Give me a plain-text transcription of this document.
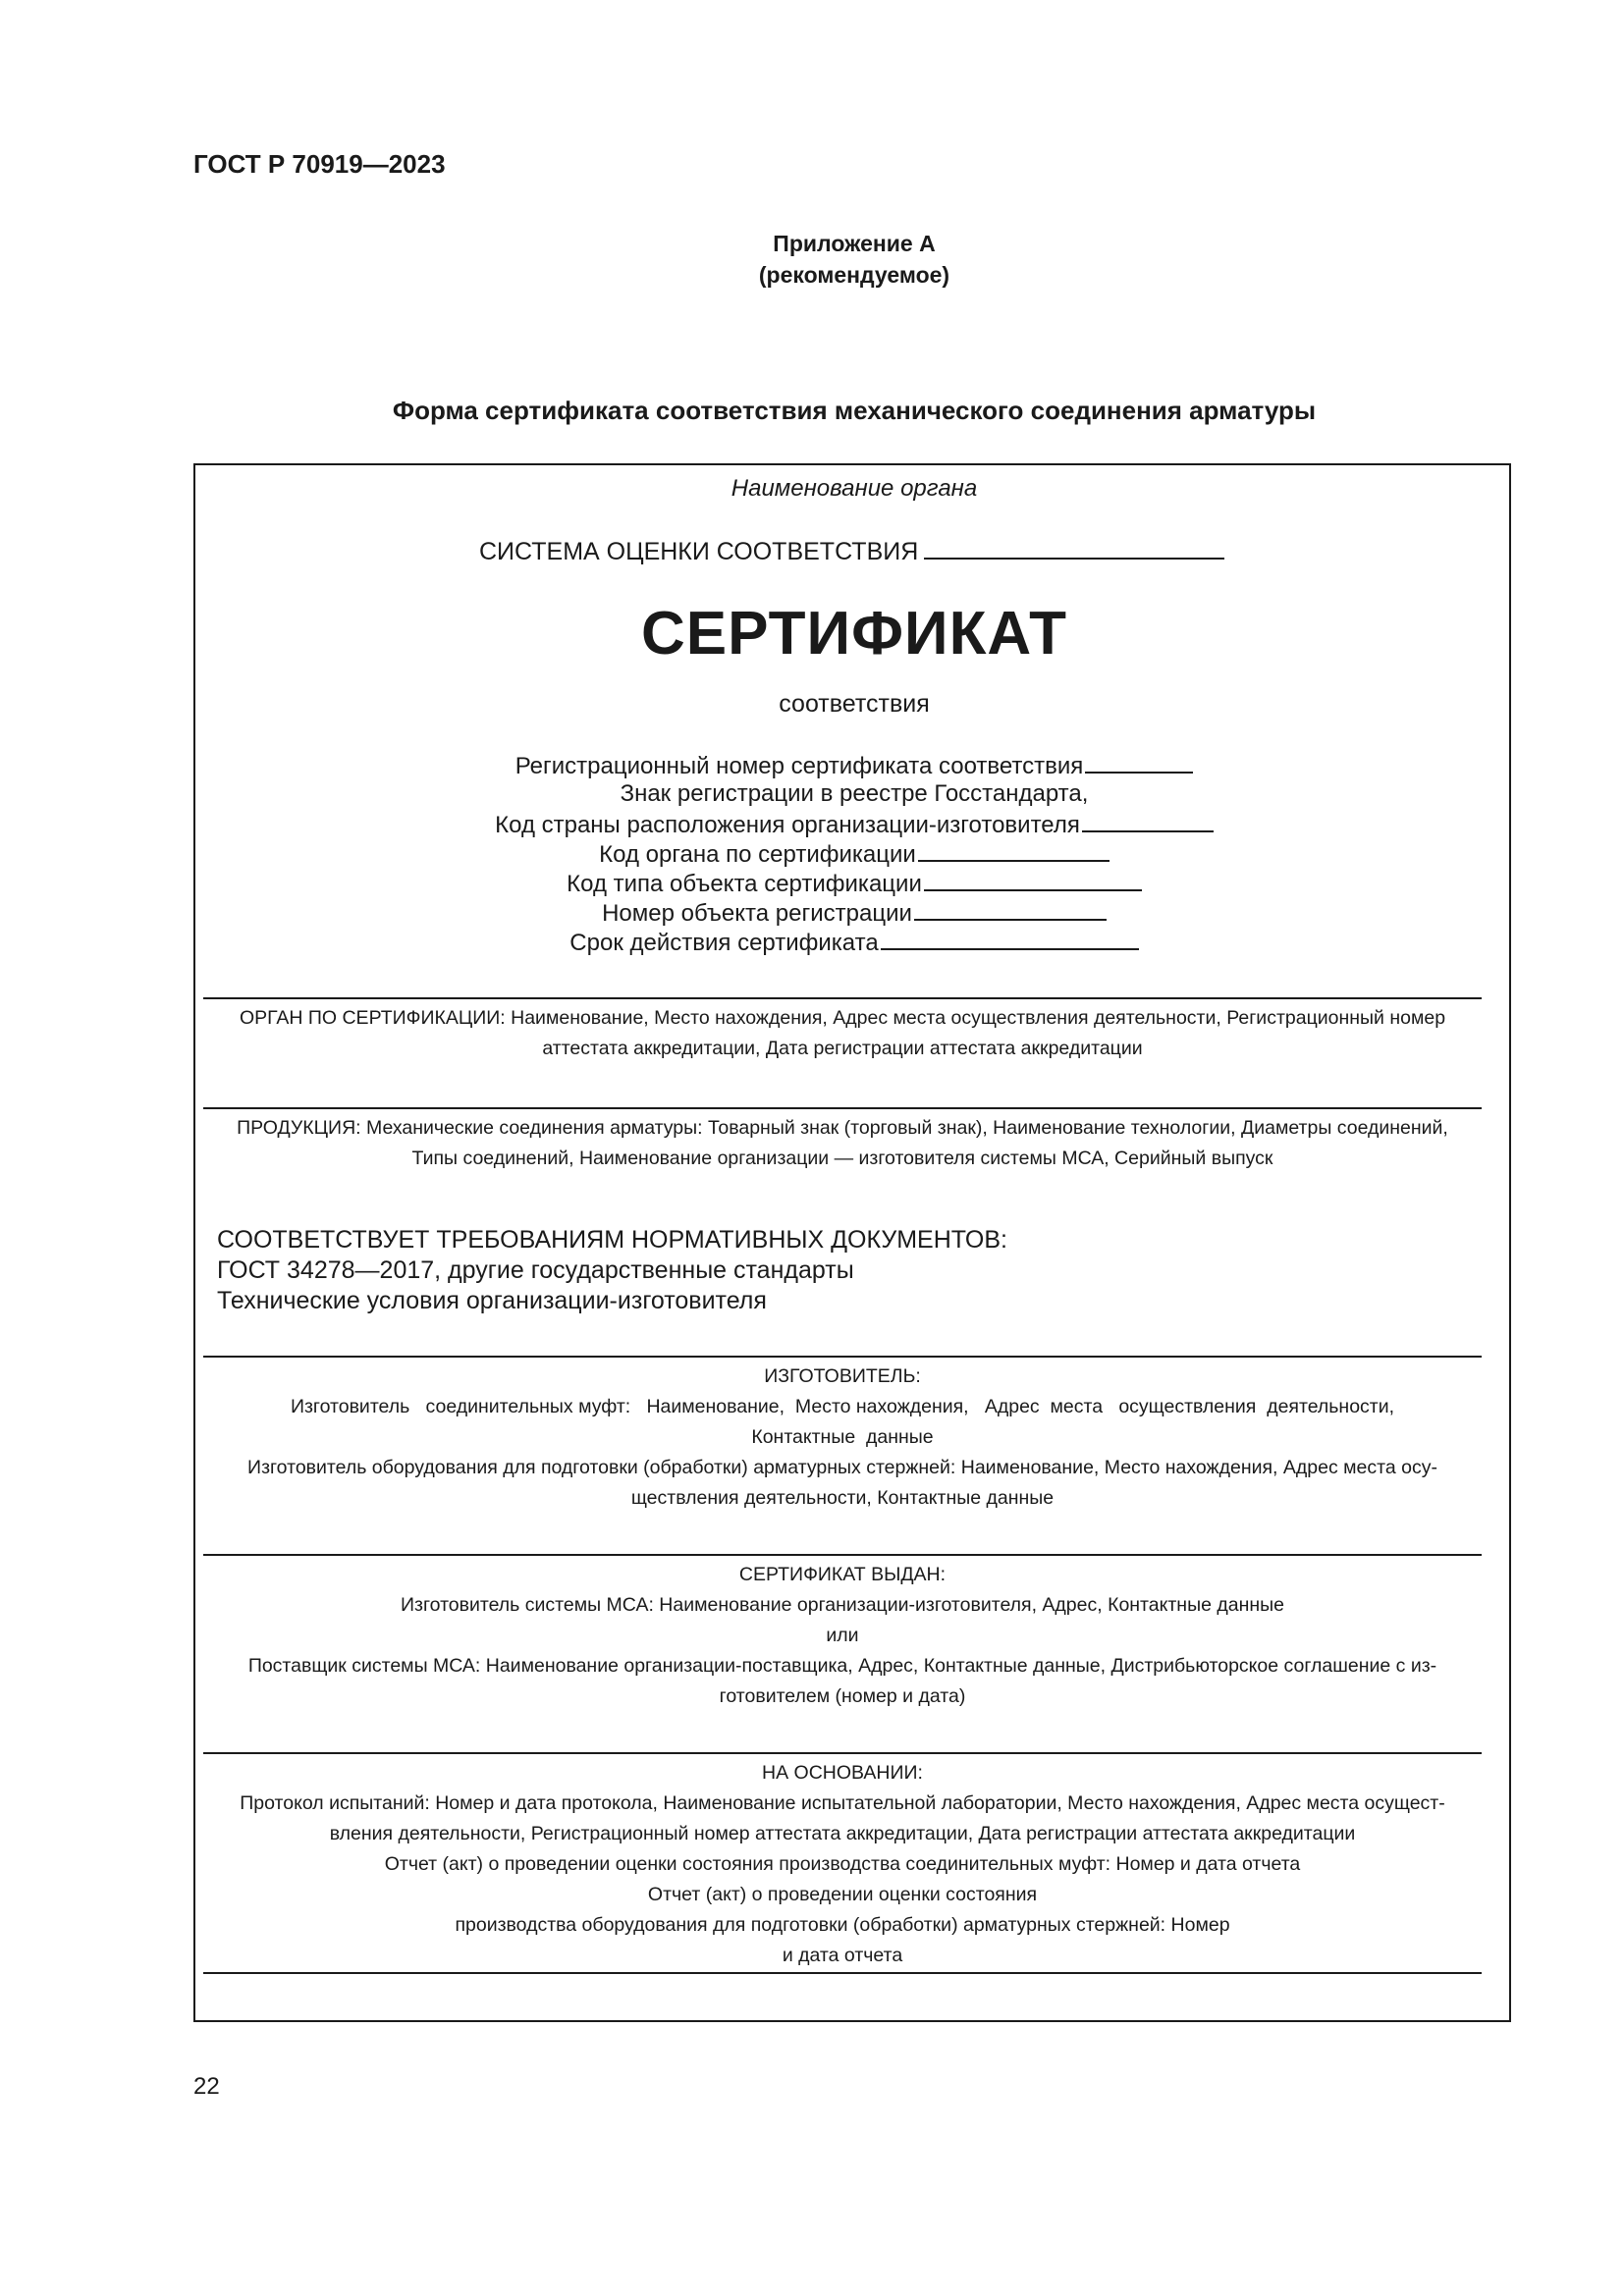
ГОСТ Р 70919—2023
Приложение А
(рекомендуемое)
Форма сертификата соответствия механического соединения арматуры
Наименование органа
СИСТЕМА ОЦЕНКИ СООТВЕТСТВИЯ
СЕРТИФИКАТ
соответствия
Регистрационный номер сертификата соответствия
Знак регистрации в реестре Госстандарта,
Код страны расположения организации-изготовителя
Код органа по сертификации
Код типа объекта сертификации
Номер объекта регистрации
Срок действия сертификата
ОРГАН ПО СЕРТИФИКАЦИИ: Наименование, Место нахождения, Адрес места осуществления деятельности, Регистрационный номер
аттестата аккредитации, Дата регистрации аттестата аккредитации
ПРОДУКЦИЯ: Механические соединения арматуры: Товарный знак (торговый знак), Наименование технологии, Диаметры соединений,
Типы соединений, Наименование организации — изготовителя системы МСА, Серийный выпуск
СООТВЕТСТВУЕТ ТРЕБОВАНИЯМ НОРМАТИВНЫХ ДОКУМЕНТОВ:
ГОСТ 34278—2017, другие государственные стандарты
Технические условия организации-изготовителя
ИЗГОТОВИТЕЛЬ:
Изготовитель   соединительных муфт:   Наименование,  Место нахождения,   Адрес  места   осуществления  деятельности,
Контактные  данные
Изготовитель оборудования для подготовки (обработки) арматурных стержней: Наименование, Место нахождения, Адрес места осу-
ществления деятельности, Контактные данные
СЕРТИФИКАТ ВЫДАН:
Изготовитель системы МСА: Наименование организации-изготовителя, Адрес, Контактные данные
или
Поставщик системы МСА: Наименование организации-поставщика, Адрес, Контактные данные, Дистрибьюторское соглашение с из-
готовителем (номер и дата)
НА ОСНОВАНИИ:
Протокол испытаний: Номер и дата протокола, Наименование испытательной лаборатории, Место нахождения, Адрес места осущест-
вления деятельности, Регистрационный номер аттестата аккредитации, Дата регистрации аттестата аккредитации
Отчет (акт) о проведении оценки состояния производства соединительных муфт: Номер и дата отчета
Отчет (акт) о проведении оценки состояния
производства оборудования для подготовки (обработки) арматурных стержней: Номер
и дата отчета
22
